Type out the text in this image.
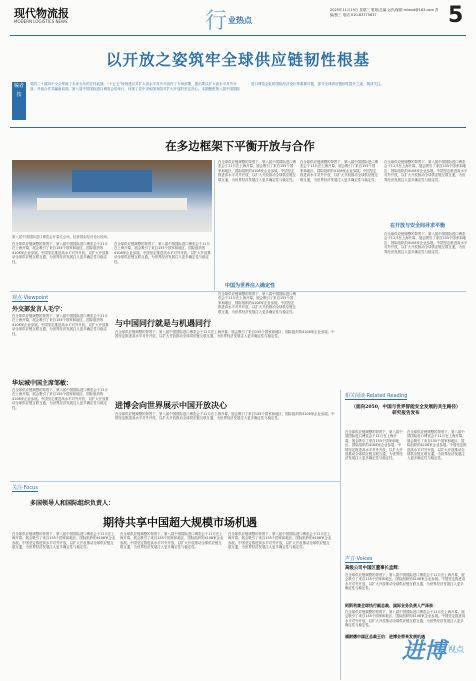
现代物流报
MODERN LOGISTICS NEWS	行 业热点
2025年11月19日 星期三 策划/总编 运作/邮箱 mlwxd@163.com 责编/张三 电话 010-83775637	5
以开放之姿筑牢全球供应链韧性根基
编者按
党的二十届四中全会擘画了未来五年的宏伟蓝图。“十五五”规划建议对扩大高水平对外开放作了专章部署，提出要以扩大高水平对外开放，开创合作共赢新局面。第八届中国国际进口博览会的举行，体现了党中央和国务院对扩大开放的坚定决心。本期聚焦第八届中国国际进口博览会虹桥国际经济论坛等重要议题，探寻全球供应链韧性提升之道，敬请关注。
在多边框架下平衡开放与合作
第八届中国国际进口博览会开幕式会场，虹桥国际经济论坛现场。
在全球供应链调整的背景下，第八届中国国际进口博览会于11月在上海开幕，展会吸引了来自155个国家和地区、国际组织的4108家企业参展。中国坚定推进高水平对外开放，以扩大开放推动全球供应链互联互通，为世界经济发展注入更多确定性与稳定性。
在全球供应链调整的背景下，第八届中国国际进口博览会于11月在上海开幕，展会吸引了来自155个国家和地区、国际组织的4108家企业参展。中国坚定推进高水平对外开放，以扩大开放推动全球供应链互联互通，为世界经济发展注入更多确定性与稳定性。
在全球供应链调整的背景下，第八届中国国际进口博览会于11月在上海开幕，展会吸引了来自155个国家和地区、国际组织的4108家企业参展。中国坚定推进高水平对外开放，以扩大开放推动全球供应链互联互通，为世界经济发展注入更多确定性与稳定性。
中国为世界注入确定性
在全球供应链调整的背景下，第八届中国国际进口博览会于11月在上海开幕，展会吸引了来自155个国家和地区、国际组织的4108家企业参展。中国坚定推进高水平对外开放，以扩大开放推动全球供应链互联互通，为世界经济发展注入更多确定性与稳定性。
在全球供应链调整的背景下，第八届中国国际进口博览会于11月在上海开幕，展会吸引了来自155个国家和地区、国际组织的4108家企业参展。中国坚定推进高水平对外开放，以扩大开放推动全球供应链互联互通，为世界经济发展注入更多确定性与稳定性。
在全球供应链调整的背景下，第八届中国国际进口博览会于11月在上海开幕，展会吸引了来自155个国家和地区、国际组织的4108家企业参展。中国坚定推进高水平对外开放，以扩大开放推动全球供应链互联互通，为世界经济发展注入更多确定性与稳定性。
在开放与安全间寻求平衡
在全球供应链调整的背景下，第八届中国国际进口博览会于11月在上海开幕，展会吸引了来自155个国家和地区、国际组织的4108家企业参展。中国坚定推进高水平对外开放，以扩大开放推动全球供应链互联互通，为世界经济发展注入更多确定性与稳定性。
观点·Viewpoint
外交部发言人毛宁：
在全球供应链调整的背景下，第八届中国国际进口博览会于11月在上海开幕，展会吸引了来自155个国家和地区、国际组织的4108家企业参展。中国坚定推进高水平对外开放，以扩大开放推动全球供应链互联互通，为世界经济发展注入更多确定性与稳定性。
与中国同行就是与机遇同行
在全球供应链调整的背景下，第八届中国国际进口博览会于11月在上海开幕，展会吸引了来自155个国家和地区、国际组织的4108家企业参展。中国坚定推进高水平对外开放，以扩大开放推动全球供应链互联互通，为世界经济发展注入更多确定性与稳定性。
华坛城中国主席邹敏：
在全球供应链调整的背景下，第八届中国国际进口博览会于11月在上海开幕，展会吸引了来自155个国家和地区、国际组织的4108家企业参展。中国坚定推进高水平对外开放，以扩大开放推动全球供应链互联互通，为世界经济发展注入更多确定性与稳定性。	进博会向世界展示中国开放决心
在全球供应链调整的背景下，第八届中国国际进口博览会于11月在上海开幕，展会吸引了来自155个国家和地区、国际组织的4108家企业参展。中国坚定推进高水平对外开放，以扩大开放推动全球供应链互联互通，为世界经济发展注入更多确定性与稳定性。
相关阅读·Related Reading
（面向2050，中国与世界智能安全发展的共生路径）研究报告发布
在全球供应链调整的背景下，第八届中国国际进口博览会于11月在上海开幕，展会吸引了来自155个国家和地区、国际组织的4108家企业参展。中国坚定推进高水平对外开放，以扩大开放推动全球供应链互联互通，为世界经济发展注入更多确定性与稳定性。
在全球供应链调整的背景下，第八届中国国际进口博览会于11月在上海开幕，展会吸引了来自155个国家和地区、国际组织的4108家企业参展。中国坚定推进高水平对外开放，以扩大开放推动全球供应链互联互通，为世界经济发展注入更多确定性与稳定性。
关注·Focus
多国领导人和国际组织负责人：
期待共享中国超大规模市场机遇
在全球供应链调整的背景下，第八届中国国际进口博览会于11月在上海开幕，展会吸引了来自155个国家和地区、国际组织的4108家企业参展。中国坚定推进高水平对外开放，以扩大开放推动全球供应链互联互通，为世界经济发展注入更多确定性与稳定性。
在全球供应链调整的背景下，第八届中国国际进口博览会于11月在上海开幕，展会吸引了来自155个国家和地区、国际组织的4108家企业参展。中国坚定推进高水平对外开放，以扩大开放推动全球供应链互联互通，为世界经济发展注入更多确定性与稳定性。
在全球供应链调整的背景下，第八届中国国际进口博览会于11月在上海开幕，展会吸引了来自155个国家和地区、国际组织的4108家企业参展。中国坚定推进高水平对外开放，以扩大开放推动全球供应链互联互通，为世界经济发展注入更多确定性与稳定性。
声音·Voices
高级公司中国区董事长孟辉：
在全球供应链调整的背景下，第八届中国国际进口博览会于11月在上海开幕，展会吸引了来自155个国家和地区、国际组织的4108家企业参展。中国坚定推进高水平对外开放，以扩大开放推动全球供应链互联互通，为世界经济发展注入更多确定性与稳定性。
阿斯利康全球执行副总裁、国际业务负责人严泽亲：
在全球供应链调整的背景下，第八届中国国际进口博览会于11月在上海开幕，展会吸引了来自155个国家和地区、国际组织的4108家企业参展。中国坚定推进高水平对外开放，以扩大开放推动全球供应链互联互通，为世界经济发展注入更多确定性与稳定性。
福耐德中国区总裁王伯：进博会带来发展机遇
进博 视点
